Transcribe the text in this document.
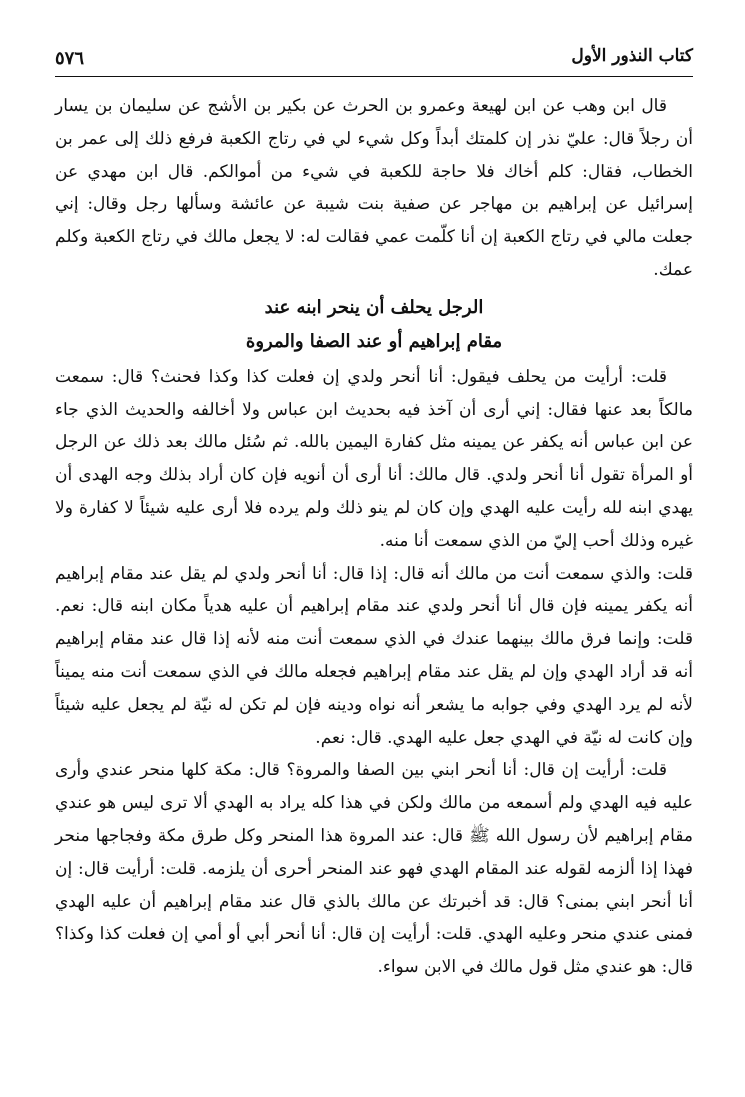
كتاب النذور الأول
٥٧٦

قال ابن وهب عن ابن لهيعة وعمرو بن الحرث عن بكير بن الأشج عن سليمان بن يسار أن رجلاً قال: عليّ نذر إن كلمتك أبداً وكل شيء لي في رتاج الكعبة فرفع ذلك إلى عمر بن الخطاب، فقال: كلم أخاك فلا حاجة للكعبة في شيء من أموالكم. قال ابن مهدي عن إسرائيل عن إبراهيم بن مهاجر عن صفية بنت شيبة عن عائشة وسألها رجل وقال: إني جعلت مالي في رتاج الكعبة إن أنا كلّمت عمي فقالت له: لا يجعل مالك في رتاج الكعبة وكلم عمك.

الرجل يحلف أن ينحر ابنه عند
مقام إبراهيم أو عند الصفا والمروة

قلت: أرأيت من يحلف فيقول: أنا أنحر ولدي إن فعلت كذا وكذا فحنث؟ قال: سمعت مالكاً بعد عنها فقال: إني أرى أن آخذ فيه بحديث ابن عباس ولا أخالفه والحديث الذي جاء عن ابن عباس أنه يكفر عن يمينه مثل كفارة اليمين بالله. ثم سُئل مالك بعد ذلك عن الرجل أو المرأة تقول أنا أنحر ولدي. قال مالك: أنا أرى أن أنويه فإن كان أراد بذلك وجه الهدى أن يهدي ابنه لله رأيت عليه الهدي وإن كان لم ينو ذلك ولم يرده فلا أرى عليه شيئاً لا كفارة ولا غيره وذلك أحب إليّ من الذي سمعت أنا منه.

قلت: والذي سمعت أنت من مالك أنه قال: إذا قال: أنا أنحر ولدي لم يقل عند مقام إبراهيم أنه يكفر يمينه فإن قال أنا أنحر ولدي عند مقام إبراهيم أن عليه هدياً مكان ابنه قال: نعم. قلت: وإنما فرق مالك بينهما عندك في الذي سمعت أنت منه لأنه إذا قال عند مقام إبراهيم أنه قد أراد الهدي وإن لم يقل عند مقام إبراهيم فجعله مالك في الذي سمعت أنت منه يميناً لأنه لم يرد الهدي وفي جوابه ما يشعر أنه نواه ودينه فإن لم تكن له نيّة لم يجعل عليه شيئاً وإن كانت له نيّة في الهدي جعل عليه الهدي. قال: نعم.

قلت: أرأيت إن قال: أنا أنحر ابني بين الصفا والمروة؟ قال: مكة كلها منحر عندي وأرى عليه فيه الهدي ولم أسمعه من مالك ولكن في هذا كله يراد به الهدي ألا ترى ليس هو عندي مقام إبراهيم لأن رسول الله ﷺ قال: عند المروة هذا المنحر وكل طرق مكة وفجاجها منحر فهذا إذا ألزمه لقوله عند المقام الهدي فهو عند المنحر أحرى أن يلزمه. قلت: أرأيت قال: إن أنا أنحر ابني بمنى؟ قال: قد أخبرتك عن مالك بالذي قال عند مقام إبراهيم أن عليه الهدي فمنى عندي منحر وعليه الهدي. قلت: أرأيت إن قال: أنا أنحر أبي أو أمي إن فعلت كذا وكذا؟ قال: هو عندي مثل قول مالك في الابن سواء.
